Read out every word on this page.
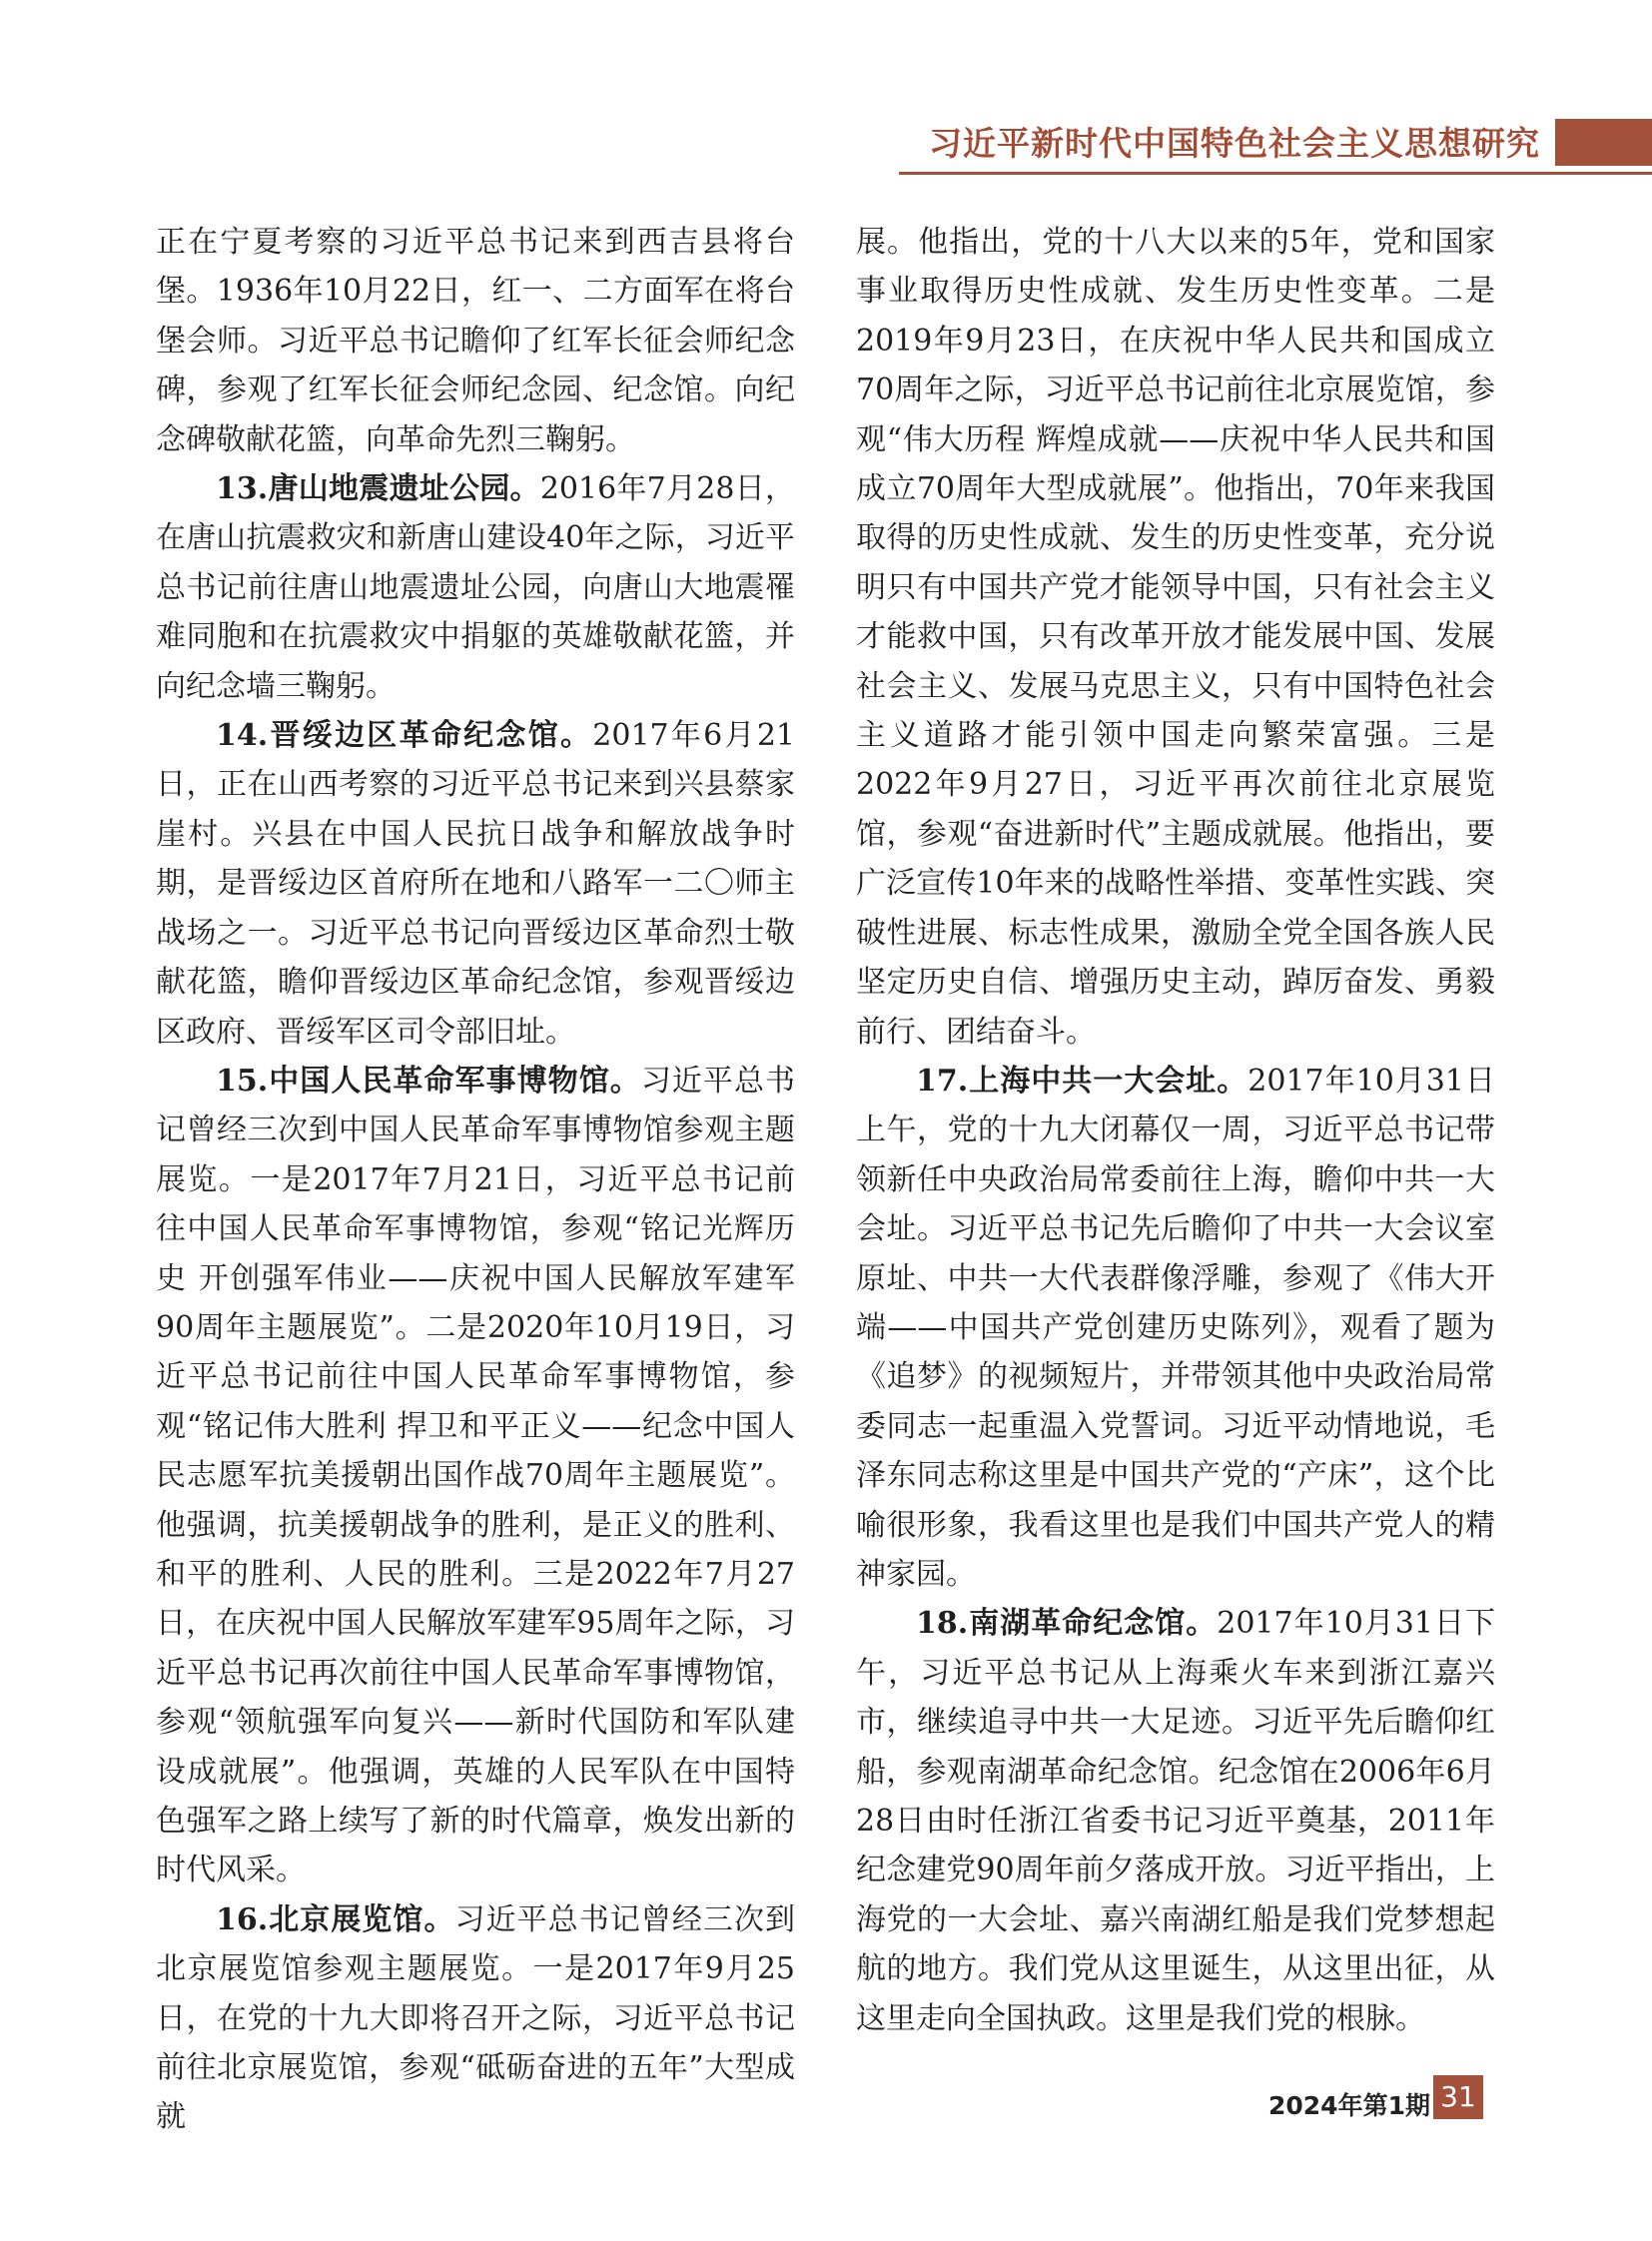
习近平新时代中国特色社会主义思想研究

正在宁夏考察的习近平总书记来到西吉县将台堡。1936年10月22日，红一、二方面军在将台堡会师。习近平总书记瞻仰了红军长征会师纪念碑，参观了红军长征会师纪念园、纪念馆。向纪念碑敬献花篮，向革命先烈三鞠躬。

13.唐山地震遗址公园。2016年7月28日，在唐山抗震救灾和新唐山建设40年之际，习近平总书记前往唐山地震遗址公园，向唐山大地震罹难同胞和在抗震救灾中捐躯的英雄敬献花篮，并向纪念墙三鞠躬。

14.晋绥边区革命纪念馆。2017年6月21日，正在山西考察的习近平总书记来到兴县蔡家崖村。兴县在中国人民抗日战争和解放战争时期，是晋绥边区首府所在地和八路军一二〇师主战场之一。习近平总书记向晋绥边区革命烈士敬献花篮，瞻仰晋绥边区革命纪念馆，参观晋绥边区政府、晋绥军区司令部旧址。

15.中国人民革命军事博物馆。习近平总书记曾经三次到中国人民革命军事博物馆参观主题展览。一是2017年7月21日，习近平总书记前往中国人民革命军事博物馆，参观“铭记光辉历史 开创强军伟业——庆祝中国人民解放军建军90周年主题展览”。二是2020年10月19日，习近平总书记前往中国人民革命军事博物馆，参观“铭记伟大胜利 捍卫和平正义——纪念中国人民志愿军抗美援朝出国作战70周年主题展览”。他强调，抗美援朝战争的胜利，是正义的胜利、和平的胜利、人民的胜利。三是2022年7月27日，在庆祝中国人民解放军建军95周年之际，习近平总书记再次前往中国人民革命军事博物馆，参观“领航强军向复兴——新时代国防和军队建设成就展”。他强调，英雄的人民军队在中国特色强军之路上续写了新的时代篇章，焕发出新的时代风采。

16.北京展览馆。习近平总书记曾经三次到北京展览馆参观主题展览。一是2017年9月25日，在党的十九大即将召开之际，习近平总书记前往北京展览馆，参观“砥砺奋进的五年”大型成就

展。他指出，党的十八大以来的5年，党和国家事业取得历史性成就、发生历史性变革。二是2019年9月23日，在庆祝中华人民共和国成立70周年之际，习近平总书记前往北京展览馆，参观“伟大历程 辉煌成就——庆祝中华人民共和国成立70周年大型成就展”。他指出，70年来我国取得的历史性成就、发生的历史性变革，充分说明只有中国共产党才能领导中国，只有社会主义才能救中国，只有改革开放才能发展中国、发展社会主义、发展马克思主义，只有中国特色社会主义道路才能引领中国走向繁荣富强。三是2022年9月27日，习近平再次前往北京展览馆，参观“奋进新时代”主题成就展。他指出，要广泛宣传10年来的战略性举措、变革性实践、突破性进展、标志性成果，激励全党全国各族人民坚定历史自信、增强历史主动，踔厉奋发、勇毅前行、团结奋斗。

17.上海中共一大会址。2017年10月31日上午，党的十九大闭幕仅一周，习近平总书记带领新任中央政治局常委前往上海，瞻仰中共一大会址。习近平总书记先后瞻仰了中共一大会议室原址、中共一大代表群像浮雕，参观了《伟大开端——中国共产党创建历史陈列》，观看了题为《追梦》的视频短片，并带领其他中央政治局常委同志一起重温入党誓词。习近平动情地说，毛泽东同志称这里是中国共产党的“产床”，这个比喻很形象，我看这里也是我们中国共产党人的精神家园。

18.南湖革命纪念馆。2017年10月31日下午，习近平总书记从上海乘火车来到浙江嘉兴市，继续追寻中共一大足迹。习近平先后瞻仰红船，参观南湖革命纪念馆。纪念馆在2006年6月28日由时任浙江省委书记习近平奠基，2011年纪念建党90周年前夕落成开放。习近平指出，上海党的一大会址、嘉兴南湖红船是我们党梦想起航的地方。我们党从这里诞生，从这里出征，从这里走向全国执政。这里是我们党的根脉。

2024年第1期 31
